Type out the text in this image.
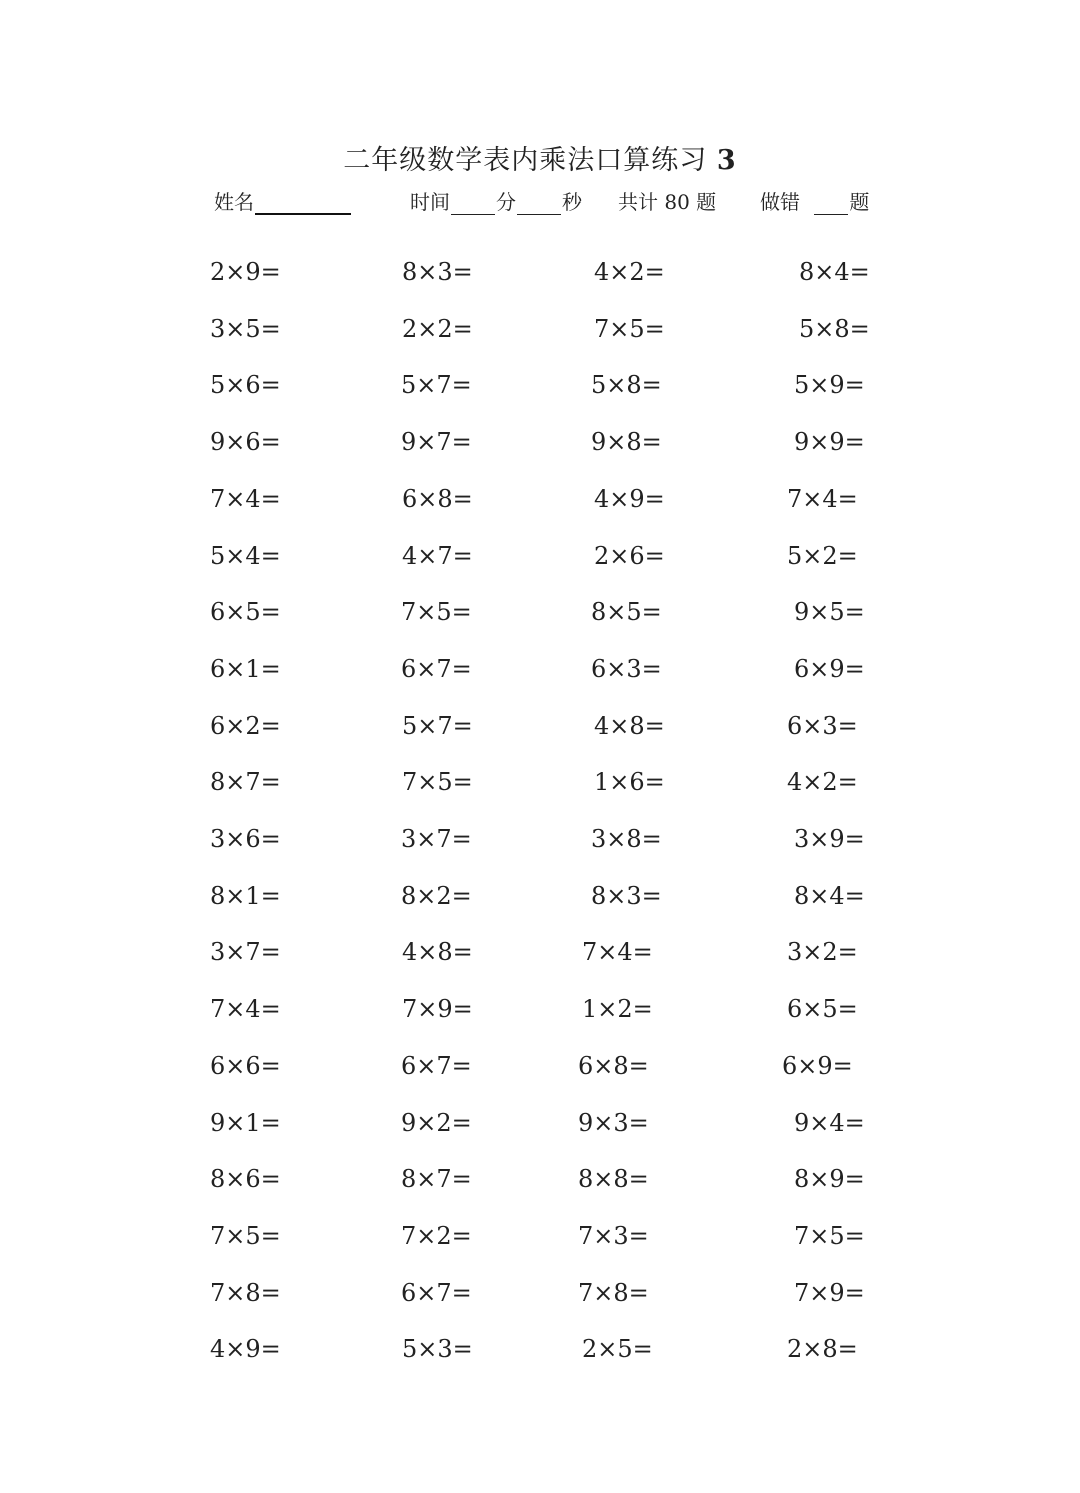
二年级数学表内乘法口算练习 3
姓名	时间 分 秒 共计 80 题 做错 题
2×9=	8×3=	4×2=	8×4=
3×5=	2×2=	7×5=	5×8=
5×6=	5×7=	5×8=	5×9=
9×6=	9×7=	9×8=	9×9=
7×4=	6×8=	4×9=	7×4=
5×4=	4×7=	2×6=	5×2=
6×5=	7×5=	8×5=	9×5=
6×1=	6×7=	6×3=	6×9=
6×2=	5×7=	4×8=	6×3=
8×7=	7×5=	1×6=	4×2=
3×6=	3×7=	3×8=	3×9=
8×1=	8×2=	8×3=	8×4=
3×7=	4×8=	7×4=	3×2=
7×4=	7×9=	1×2=	6×5=
6×6=	6×7=	6×8=	6×9=
9×1=	9×2=	9×3=	9×4=
8×6=	8×7=	8×8=	8×9=
7×5=	7×2=	7×3=	7×5=
7×8=	6×7=	7×8=	7×9=
4×9=	5×3=	2×5=	2×8=
